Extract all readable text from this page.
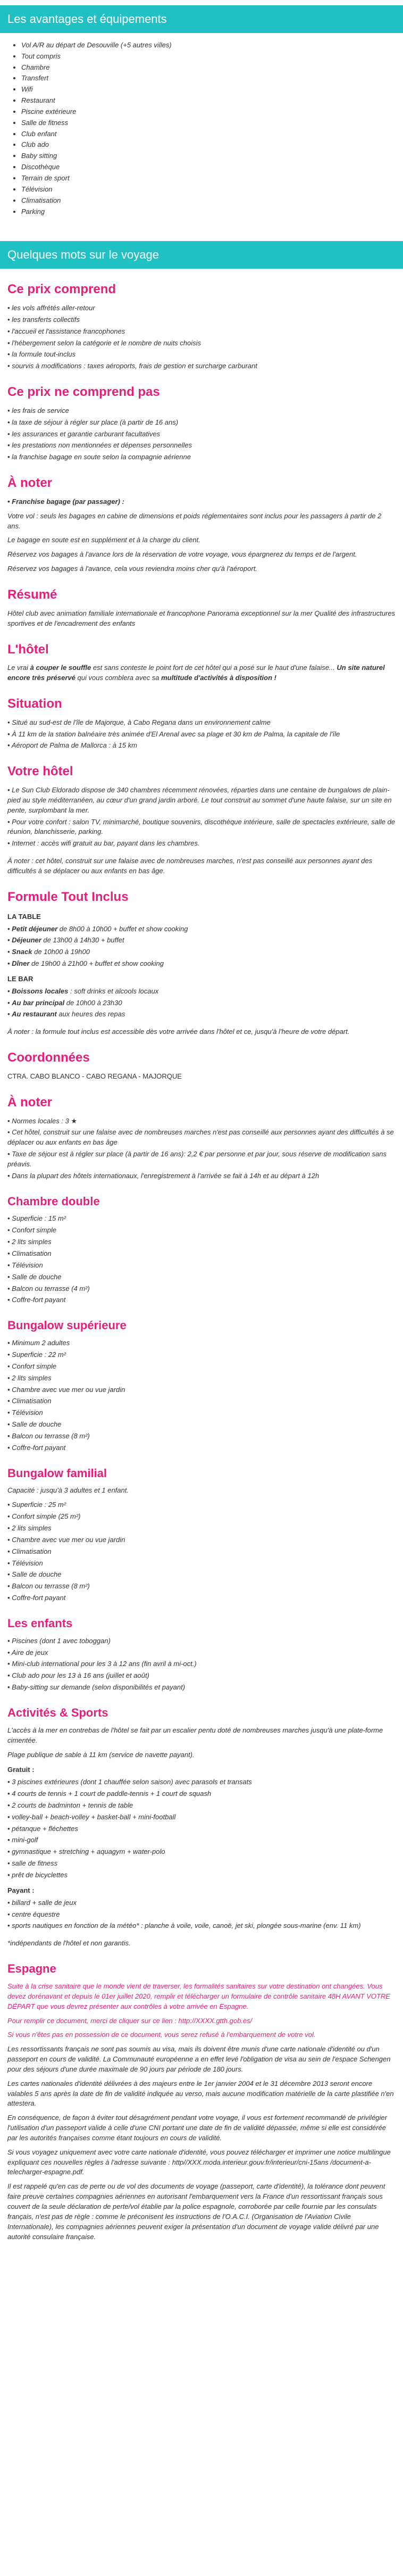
Les avantages et équipements
• Vol A/R au départ de Desouville (+5 autres villes)
• Tout compris
• Chambre
• Transfert
• Wifi
• Restaurant
• Piscine extérieure
• Salle de fitness
• Club enfant
• Club ado
• Baby sitting
• Discothèque
• Terrain de sport
• Télévision
• Climatisation
• Parking
Quelques mots sur le voyage
Ce prix comprend
• les vols affrétés aller-retour
• les transferts collectifs
• l'accueil et l'assistance francophones
• l'hébergement selon la catégorie et le nombre de nuits choisis
• la formule tout-inclus
• sourvis à modifications : taxes aéroports, frais de gestion et surcharge carburant
Ce prix ne comprend pas
• les frais de service
• la taxe de séjour à régler sur place (à partir de 16 ans)
• les assurances et garantie carburant facultatives
• les prestations non mentionnées et dépenses personnelles
• la franchise bagage en soute selon la compagnie aérienne
À noter

• Franchise bagage (par passager) :

Votre vol : seuls les bagages en cabine de dimensions et poids réglementaires sont inclus pour les passagers à partir de 2 ans.

Le bagage en soute est en supplément et à la charge du client.

Réservez vos bagages à l'avance lors de la réservation de votre voyage, vous épargnerez du temps et de l'argent.

Réservez vos bagages à l'avance, cela vous reviendra moins cher qu'à l'aéroport.

Résumé

Hôtel club avec animation familiale internationale et francophone Panorama exceptionnel sur la mer Qualité des infrastructures sportives et de l'encadrement des enfants

L'hôtel

Le vrai à couper le souffle est sans conteste le point fort de cet hôtel qui a posé sur le haut d'une falaise... Un site naturel encore très préservé qui vous comblera avec sa multitude d'activités à disposition !

Situation
• Situé au sud-est de l'île de Majorque, à Cabo Regana dans un environnement calme
• À 11 km de la station balnéaire très animée d'El Arenal avec sa plage et 30 km de Palma, la capitale de l'île
• Aéroport de Palma de Mallorca : à 15 km
Votre hôtel
• Le Sun Club Eldorado dispose de 340 chambres récemment rénovées, réparties dans une centaine de bungalows de plain-pied au style méditerranéen, au cœur d'un grand jardin arboré. Le tout construit au sommet d'une haute falaise, sur un site en pente, surplombant la mer.
• Pour votre confort : salon TV, minimarché, boutique souvenirs, discothèque intérieure, salle de spectacles extérieure, salle de réunion, blanchisserie, parking.
• Internet : accès wifi gratuit au bar, payant dans les chambres.

À noter : cet hôtel, construit sur une falaise avec de nombreuses marches, n'est pas conseillé aux personnes ayant des difficultés à se déplacer ou aux enfants en bas âge.

Formule Tout Inclus
LA TABLE
• Petit déjeuner de 8h00 à 10h00 + buffet et show cooking
• Déjeuner de 13h00 à 14h30 + buffet
• Snack de 10h00 à 19h00
• Dîner de 19h00 à 21h00 + buffet et show cooking
LE BAR
• Boissons locales : soft drinks et alcools locaux
• Au bar principal de 10h00 à 23h30
• Au restaurant aux heures des repas

À noter : la formule tout inclus est accessible dès votre arrivée dans l'hôtel et ce, jusqu'à l'heure de votre départ.

Coordonnées

CTRA. CABO BLANCO - CABO REGANA - MAJORQUE

À noter
• Normes locales : 3 ★
• Cet hôtel, construit sur une falaise avec de nombreuses marches n'est pas conseillé aux personnes ayant des difficultés à se déplacer ou aux enfants en bas âge
• Taxe de séjour est à régler sur place (à partir de 16 ans): 2,2 € par personne et par jour, sous réserve de modification sans préavis.
• Dans la plupart des hôtels internationaux, l'enregistrement à l'arrivée se fait à 14h et au départ à 12h
Chambre double
• Superficie : 15 m²
• Confort simple
• 2 lits simples
• Climatisation
• Télévision
• Salle de douche
• Balcon ou terrasse (4 m²)
• Coffre-fort payant
Bungalow supérieure
• Minimum 2 adultes
• Superficie : 22 m²
• Confort simple
• 2 lits simples
• Chambre avec vue mer ou vue jardin
• Climatisation
• Télévision
• Salle de douche
• Balcon ou terrasse (8 m²)
• Coffre-fort payant
Bungalow familial

Capacité : jusqu'à 3 adultes et 1 enfant.

• Superficie : 25 m²
• Confort simple (25 m²)
• 2 lits simples
• Chambre avec vue mer ou vue jardin
• Climatisation
• Télévision
• Salle de douche
• Balcon ou terrasse (8 m²)
• Coffre-fort payant
Les enfants
• Piscines (dont 1 avec toboggan)
• Aire de jeux
• Mini-club international pour les 3 à 12 ans (fin avril à mi-oct.)
• Club ado pour les 13 à 16 ans (juillet et août)
• Baby-sitting sur demande (selon disponibilités et payant)
Activités & Sports

L'accès à la mer en contrebas de l'hôtel se fait par un escalier pentu doté de nombreuses marches jusqu'à une plate-forme cimentée.

Plage publique de sable à 11 km (service de navette payant).

Gratuit :
• 3 piscines extérieures (dont 1 chauffée selon saison) avec parasols et transats
• 4 courts de tennis + 1 court de paddle-tennis + 1 court de squash
• 2 courts de badminton + tennis de table
• volley-ball + beach-volley + basket-ball + mini-football
• pétanque + fléchettes
• mini-golf
• gymnastique + stretching + aquagym + water-polo
• salle de fitness
• prêt de bicyclettes
Payant :
• billard + salle de jeux
• centre équestre
• sports nautiques en fonction de la météo* : planche à voile, voile, canoë, jet ski, plongée sous-marine (env. 11 km)

*indépendants de l'hôtel et non garantis.

Espagne

Suite à la crise sanitaire que le monde vient de traverser, les formalités sanitaires sur votre destination ont changées. Vous devez dorénavant et depuis le 01er juillet 2020, remplir et télécharger un formulaire de contrôle sanitaire 48H AVANT VOTRE DÉPART que vous devrez présenter aux contrôles à votre arrivée en Espagne.

Pour remplir ce document, merci de cliquer sur ce lien : http://XXXX.gtth.gob.es/

Si vous n'êtes pas en possession de ce document, vous serez refusé à l'embarquement de votre vol.

Les ressortissants français ne sont pas soumis au visa, mais ils doivent être munis d'une carte nationale d'identité ou d'un passeport en cours de validité. La Communauté européenne a en effet levé l'obligation de visa au sein de l'espace Schengen pour des séjours d'une durée maximale de 90 jours par période de 180 jours.

Les cartes nationales d'identité délivrées à des majeurs entre le 1er janvier 2004 et le 31 décembre 2013 seront encore valables 5 ans après la date de fin de validité indiquée au verso, mais aucune modification matérielle de la carte plastifiée n'en attestera.

En conséquence, de façon à éviter tout désagrément pendant votre voyage, il vous est fortement recommandé de privilégier l'utilisation d'un passeport valide à celle d'une CNI portant une date de fin de validité dépassée, même si elle est considérée par les autorités françaises comme étant toujours en cours de validité.

Si vous voyagez uniquement avec votre carte nationale d'identité, vous pouvez télécharger et imprimer une notice multilingue expliquant ces nouvelles règles à l'adresse suivante : http//XXX.moda.interieur.gouv.fr/interieur/cni-15ans /document-a-telecharger-espagne.pdf.

Il est rappelé qu'en cas de perte ou de vol des documents de voyage (passeport, carte d'identité), la tolérance dont peuvent faire preuve certaines compagnies aériennes en autorisant l'embarquement vers la France d'un ressortissant français sous couvert de la seule déclaration de perte/vol établie par la police espagnole, corroborée par celle fournie par les consulats français, n'est pas de règle : comme le préconisent les instructions de l'O.A.C.I. (Organisation de l'Aviation Civile Internationale), les compagnies aériennes peuvent exiger la présentation d'un document de voyage valide délivré par une autorité consulaire française.
